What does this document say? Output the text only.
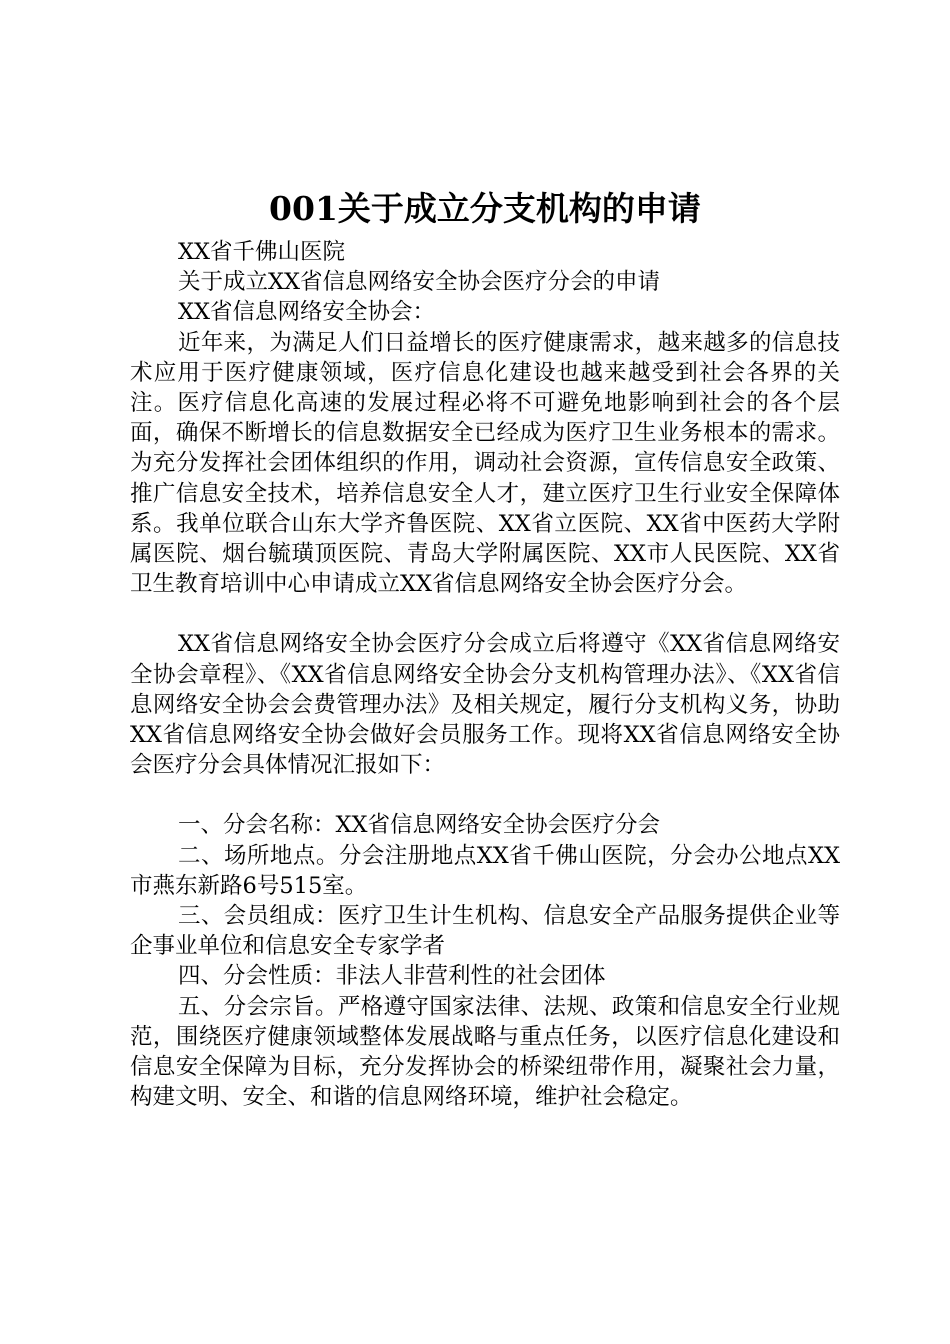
001关于成立分支机构的申请

XX省千佛山医院

关于成立XX省信息网络安全协会医疗分会的申请

XX省信息网络安全协会：

近年来，为满足人们日益增长的医疗健康需求，越来越多的信息技术应用于医疗健康领域，医疗信息化建设也越来越受到社会各界的关注。医疗信息化高速的发展过程必将不可避免地影响到社会的各个层面，确保不断增长的信息数据安全已经成为医疗卫生业务根本的需求。为充分发挥社会团体组织的作用，调动社会资源，宣传信息安全政策、推广信息安全技术，培养信息安全人才，建立医疗卫生行业安全保障体系。我单位联合山东大学齐鲁医院、XX省立医院、XX省中医药大学附属医院、烟台毓璜顶医院、青岛大学附属医院、XX市人民医院、XX省卫生教育培训中心申请成立XX省信息网络安全协会医疗分会。

XX省信息网络安全协会医疗分会成立后将遵守《XX省信息网络安全协会章程》、《XX省信息网络安全协会分支机构管理办法》、《XX省信息网络安全协会会费管理办法》及相关规定，履行分支机构义务，协助XX省信息网络安全协会做好会员服务工作。现将XX省信息网络安全协会医疗分会具体情况汇报如下：

一、分会名称：XX省信息网络安全协会医疗分会

二、场所地点。分会注册地点XX省千佛山医院，分会办公地点XX市燕东新路6号515室。

三、会员组成：医疗卫生计生机构、信息安全产品服务提供企业等企事业单位和信息安全专家学者

四、分会性质：非法人非营利性的社会团体

五、分会宗旨。严格遵守国家法律、法规、政策和信息安全行业规范，围绕医疗健康领域整体发展战略与重点任务，以医疗信息化建设和信息安全保障为目标，充分发挥协会的桥梁纽带作用，凝聚社会力量，构建文明、安全、和谐的信息网络环境，维护社会稳定。
